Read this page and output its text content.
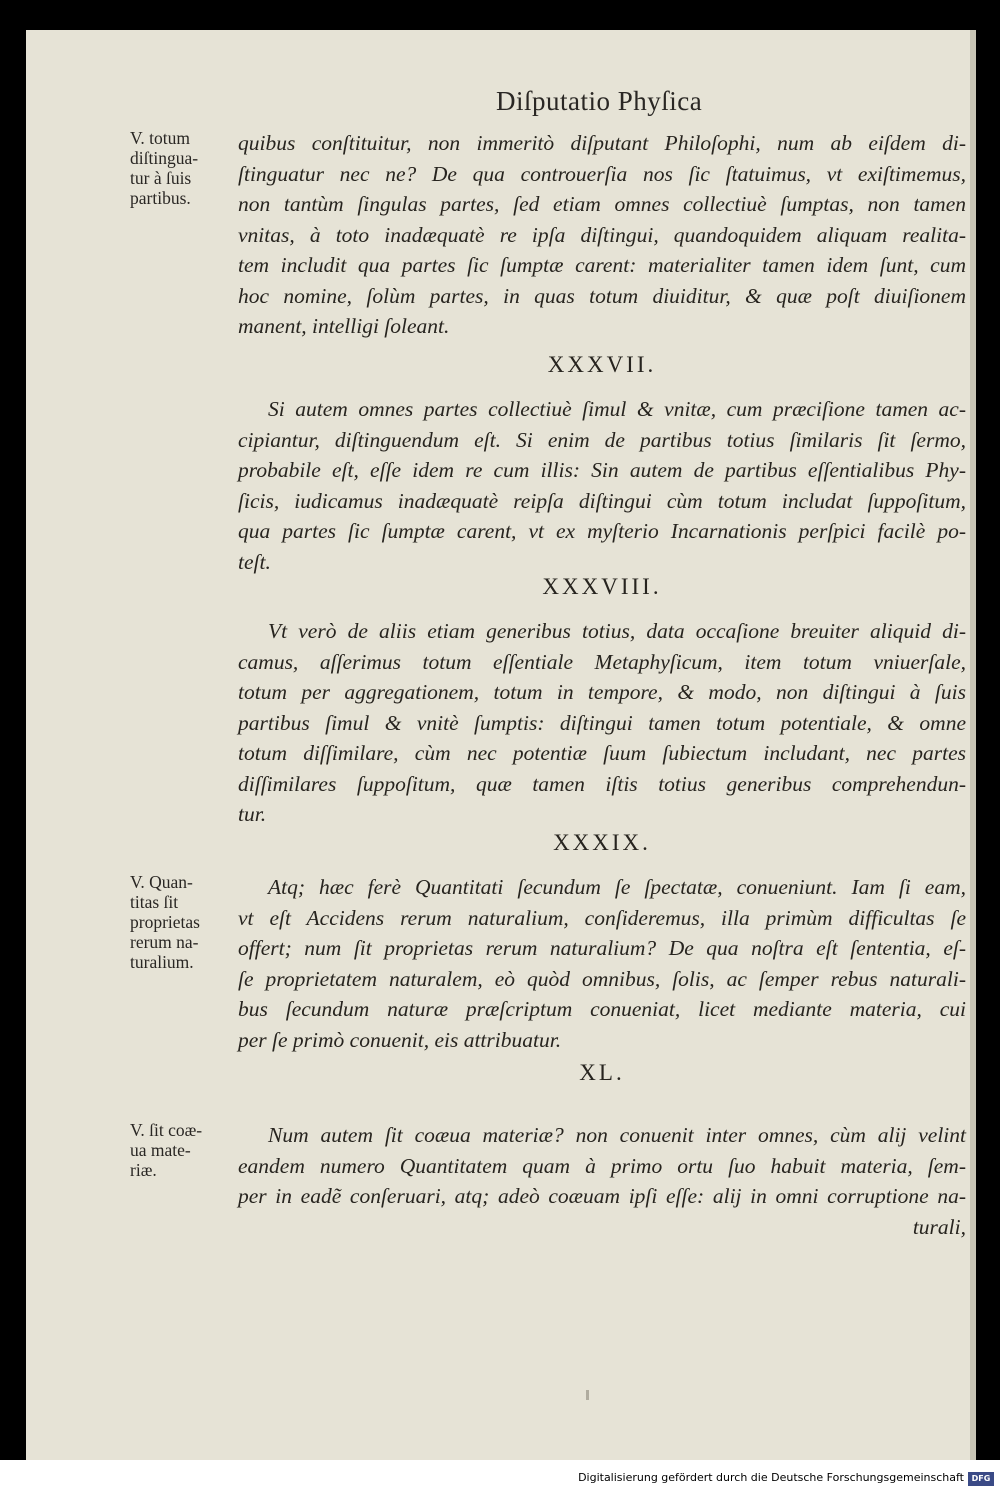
Diſputatio Phyſica
V. totum
diſtingua-
tur à ſuis
partibus.
V. Quan-
titas ſit
proprietas
rerum na-
turalium.
V. ſit coæ-
ua mate-
riæ.
quibus conſtituitur, non immeritò diſputant Philoſophi, num ab eiſdem di-
ſtinguatur nec ne? De qua controuerſia nos ſic ſtatuimus, vt exiſtimemus,
non tantùm ſingulas partes, ſed etiam omnes collectiuè ſumptas, non tamen
vnitas, à toto inadæquatè re ipſa diſtingui, quandoquidem aliquam realita-
tem includit qua partes ſic ſumptæ carent: materialiter tamen idem ſunt, cum
hoc nomine, ſolùm partes, in quas totum diuiditur, & quæ poſt diuiſionem
manent, intelligi ſoleant.
XXXVII.
Si autem omnes partes collectiuè ſimul & vnitæ, cum præciſione tamen ac-
cipiantur, diſtinguendum eſt. Si enim de partibus totius ſimilaris ſit ſermo,
probabile eſt, eſſe idem re cum illis: Sin autem de partibus eſſentialibus Phy-
ſicis, iudicamus inadæquatè reipſa diſtingui cùm totum includat ſuppoſitum,
qua partes ſic ſumptæ carent, vt ex myſterio Incarnationis perſpici facilè po-
teſt.
XXXVIII.
Vt verò de aliis etiam generibus totius, data occaſione breuiter aliquid di-
camus, aſſerimus totum eſſentiale Metaphyſicum, item totum vniuerſale,
totum per aggregationem, totum in tempore, & modo, non diſtingui à ſuis
partibus ſimul & vnitè ſumptis: diſtingui tamen totum potentiale, & omne
totum diſſimilare, cùm nec potentiæ ſuum ſubiectum includant, nec partes
diſſimilares ſuppoſitum, quæ tamen iſtis totius generibus comprehendun-
tur.
XXXIX.
Atq; hæc ferè Quantitati ſecundum ſe ſpectatæ, conueniunt. Iam ſi eam,
vt eſt Accidens rerum naturalium, conſideremus, illa primùm difficultas ſe
offert; num ſit proprietas rerum naturalium? De qua noſtra eſt ſententia, eſ-
ſe proprietatem naturalem, eò quòd omnibus, ſolis, ac ſemper rebus naturali-
bus ſecundum naturæ præſcriptum conueniat, licet mediante materia, cui
per ſe primò conuenit, eis attribuatur.
XL.
Num autem ſit coæua materiæ? non conuenit inter omnes, cùm alij velint
eandem numero Quantitatem quam à primo ortu ſuo habuit materia, ſem-
per in eadẽ conſeruari, atq; adeò coæuam ipſi eſſe: alij in omni corruptione na-
turali,
Digitalisierung gefördert durch die Deutsche Forschungsgemeinschaft DFG
